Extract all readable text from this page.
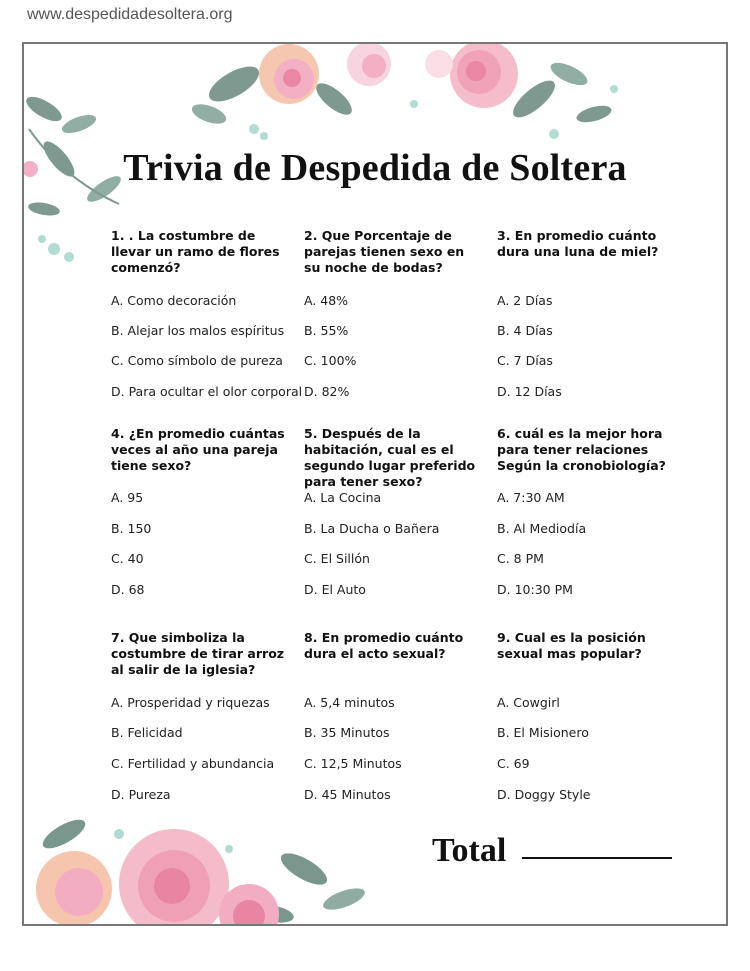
www.despedidadesoltera.org
Trivia de Despedida de Soltera

1. . La costumbre de llevar un ramo de flores comenzó?

2. Que Porcentaje de parejas tienen sexo en su noche de bodas?

3. En promedio cuánto dura una luna de miel?

A. Como decoración
B. Alejar los malos espíritus
C. Como símbolo de pureza
D. Para ocultar el olor corporal
A. 48%
B. 55%
C. 100%
D. 82%
A. 2 Días
B. 4 Días
C. 7 Días
D. 12 Días

4. ¿En promedio cuántas veces al año una pareja tiene sexo?

5. Después de la habitación, cual es el segundo lugar preferido para tener sexo?

6. cuál es la mejor hora para tener relaciones Según la cronobiología?

A. 95
B. 150
C. 40
D. 68
A. La Cocina
B. La Ducha o Bañera
C. El Sillón
D. El Auto
A. 7:30 AM
B. Al Mediodía
C. 8 PM
D. 10:30 PM

7. Que simboliza la costumbre de tirar arroz al salir de la iglesia?

8. En promedio cuánto dura el acto sexual?

9. Cual es la posición sexual mas popular?

A. Prosperidad y riquezas
B. Felicidad
C. Fertilidad y abundancia
D. Pureza
A. 5,4 minutos
B. 35 Minutos
C. 12,5 Minutos
D. 45 Minutos
A. Cowgirl
B. El Misionero
C. 69
D. Doggy Style
Total
